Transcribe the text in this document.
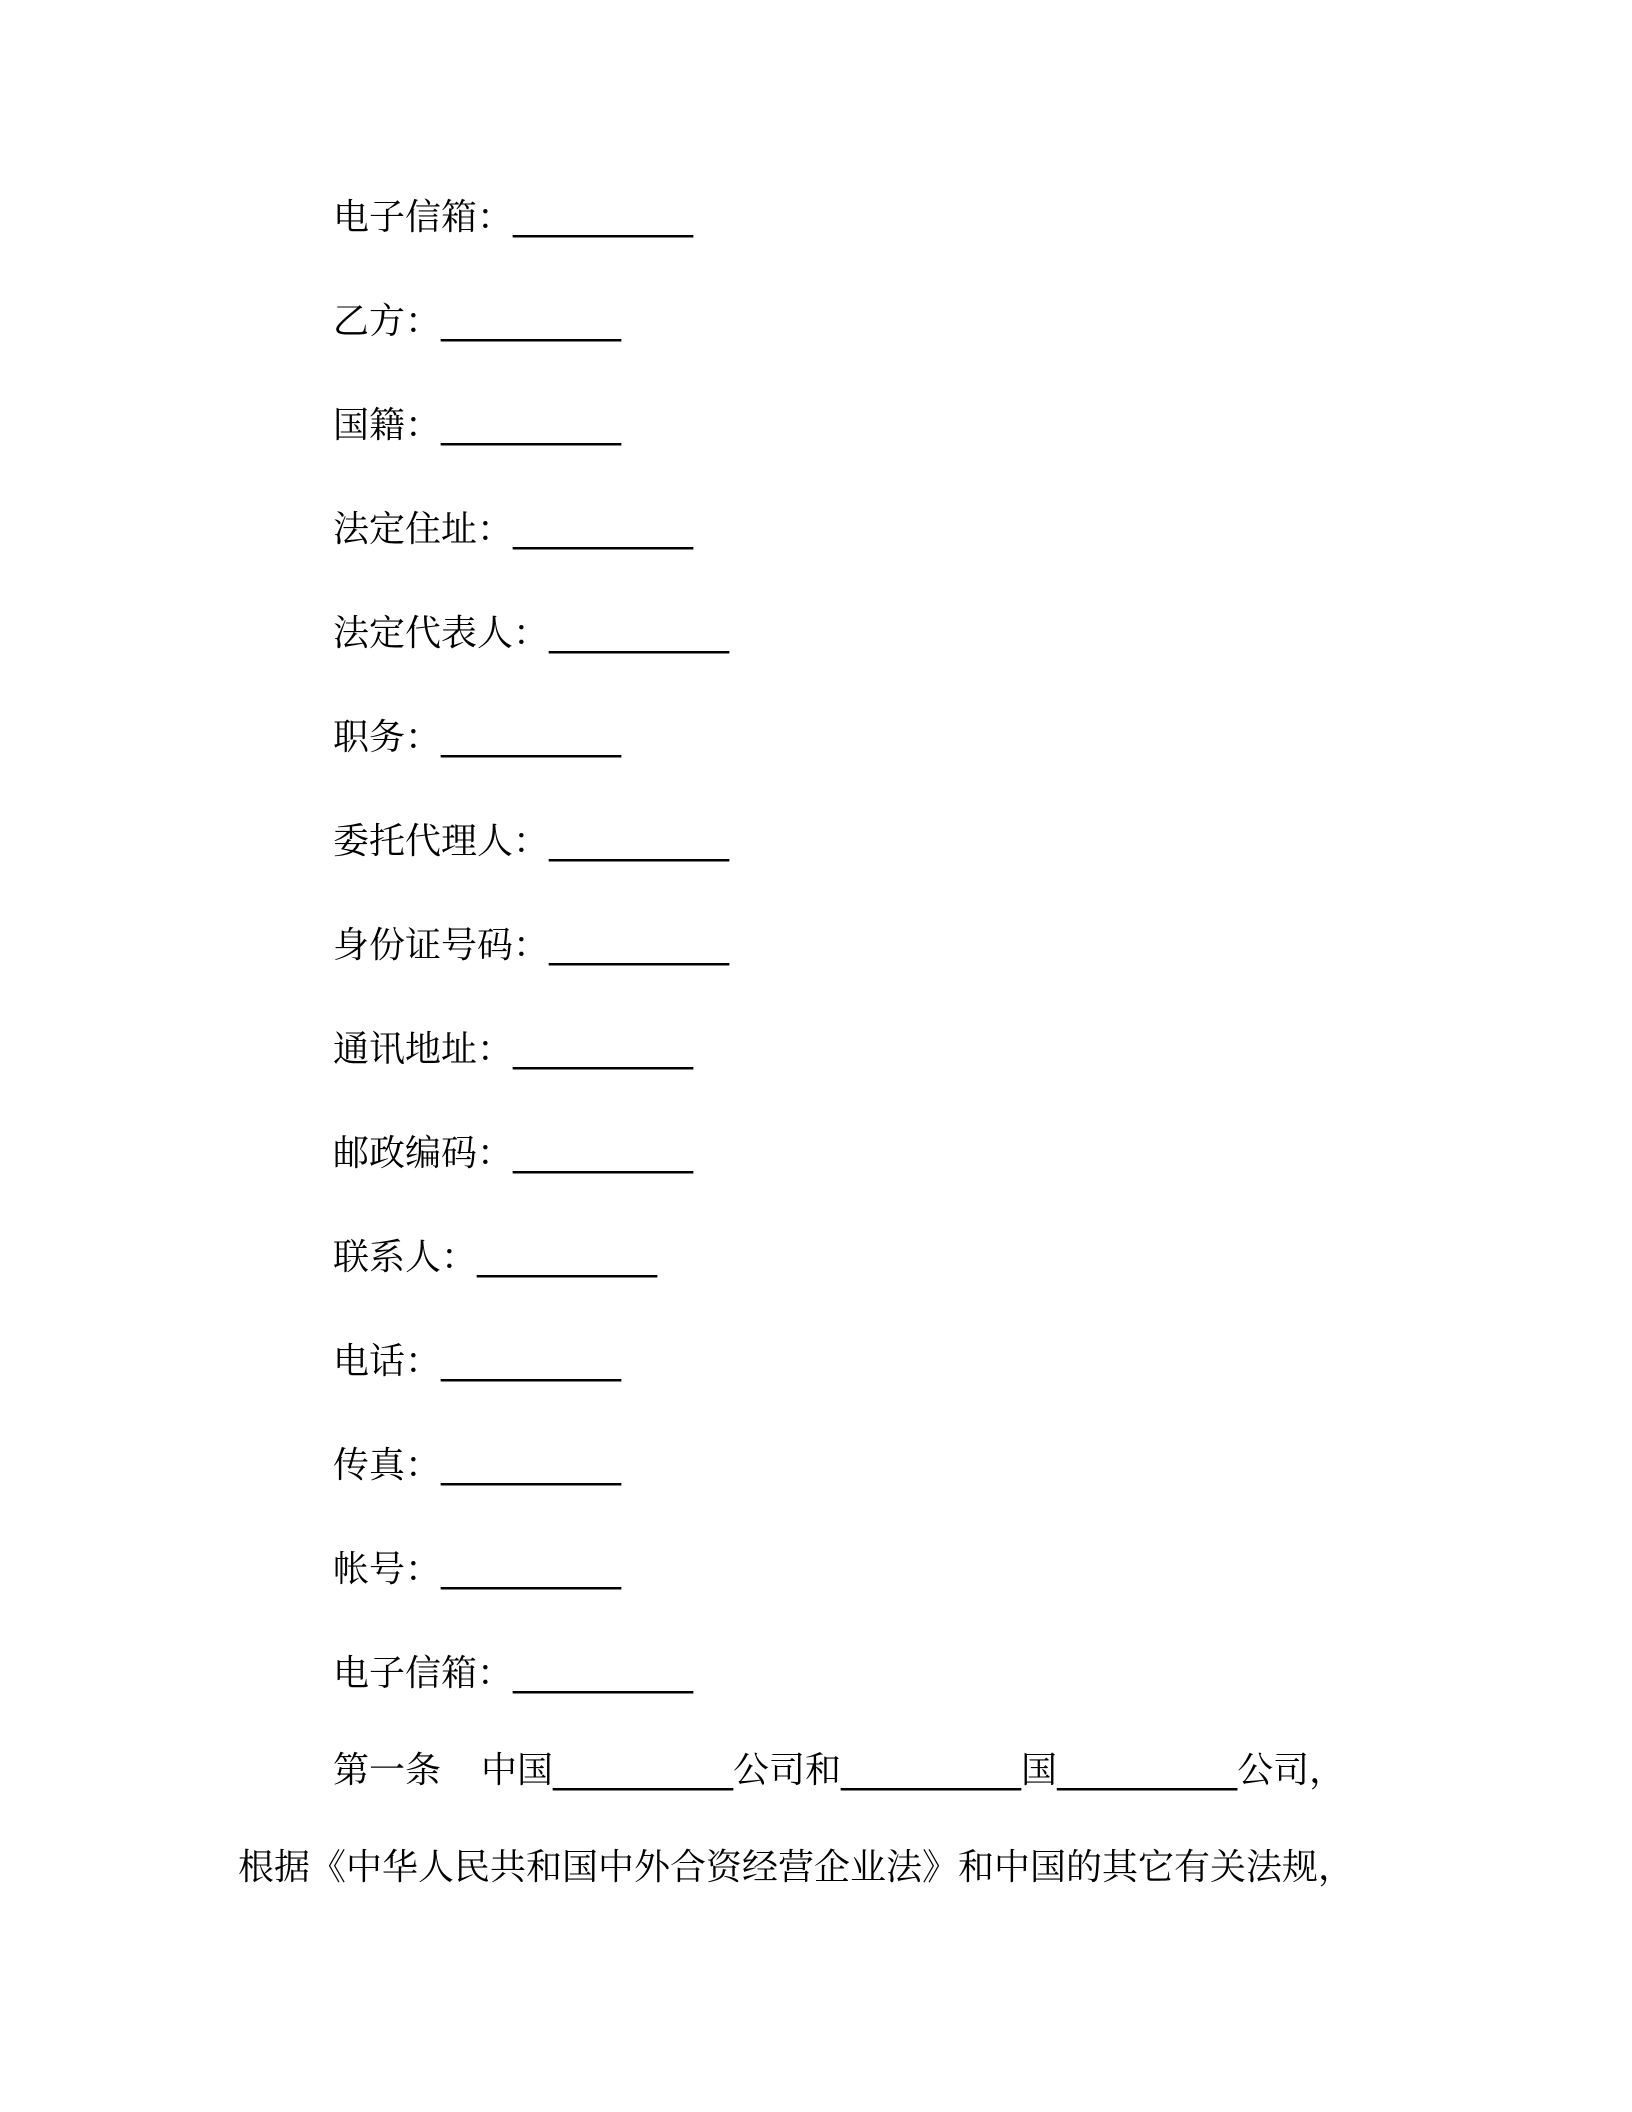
电子信箱： __________
乙方： __________
国籍： __________
法定住址： __________
法定代表人： __________
职务： __________
委托代理人： __________
身份证号码： __________
通讯地址： __________
邮政编码： __________
联系人： __________
电话： __________
传真： __________
帐号： __________
电子信箱： __________
第一条 中国__________公司和__________国__________公司，
根据《中华人民共和国中外合资经营企业法》和中国的其它有关法规，
